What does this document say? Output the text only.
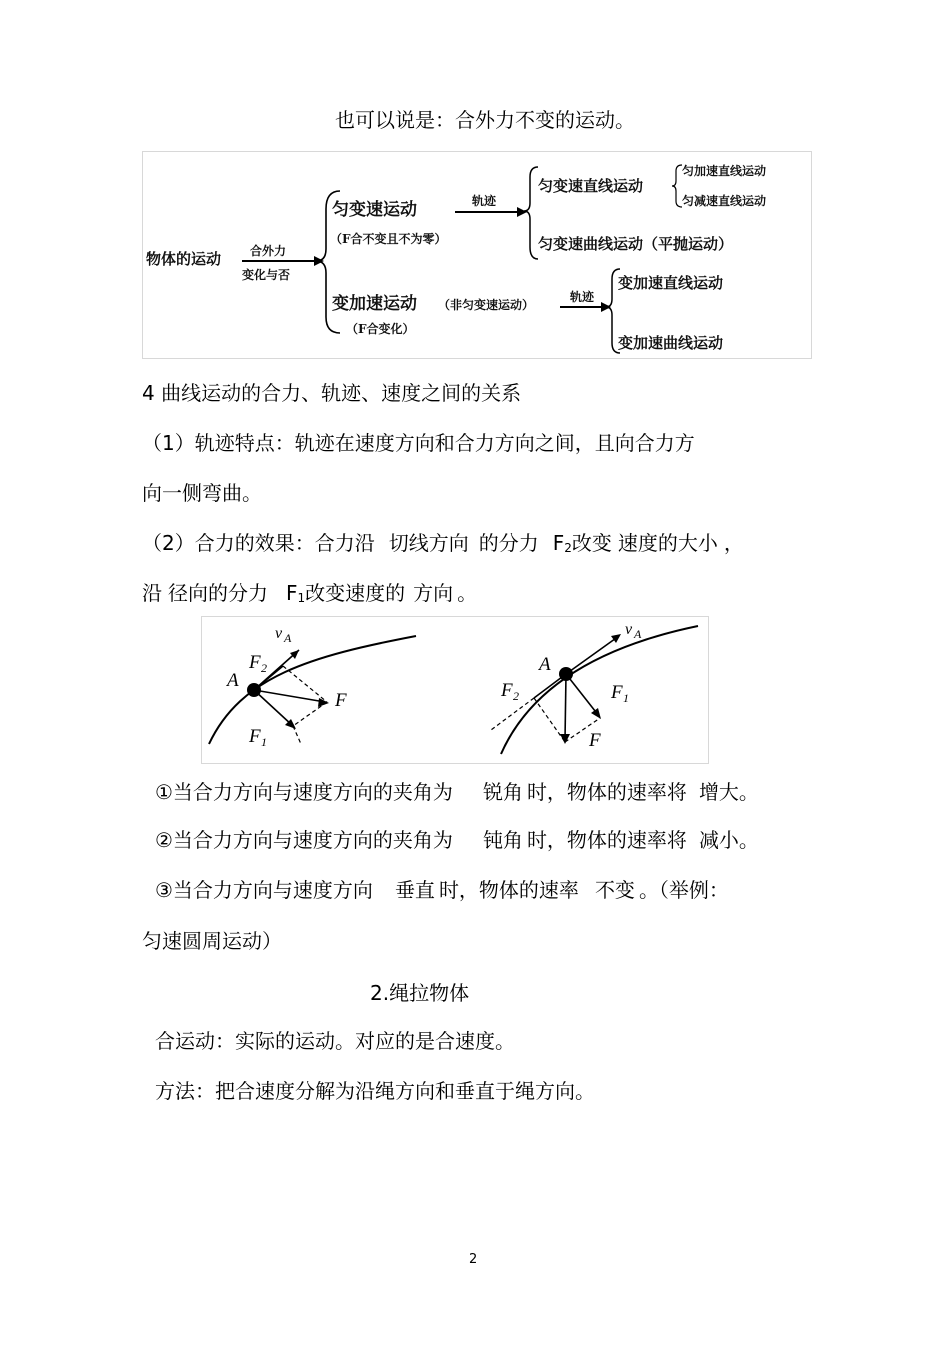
也可以说是：合外力不变的运动。
物体的运动 合外力
变化与否
匀变速运动
（F合不变且不为零）
轨迹
匀变速直线运动
匀加速直线运动
匀减速直线运动
匀变速曲线运动（平抛运动）
变加速运动 （非匀变速运动）
（F合变化）
轨迹
变加速直线运动
变加速曲线运动
4 曲线运动的合力、轨迹、速度之间的关系
（1）轨迹特点：轨迹在速度方向和合力方向之间，且向合力方
向一侧弯曲。
（2）合力的效果：合力沿 切线方向 的分力 $F_2$改变 速度的大小 ，
沿 径向的分力 $F_1$改变速度的 方向 。
v A
F 2
A
F
F 1
v A
A
F 2	F 1
F
①当合力方向与速度方向的夹角为 锐角 时，物体的速率将 增大。
②当合力方向与速度方向的夹角为 钝角 时，物体的速率将 减小。
③当合力方向与速度方向 垂直 时，物体的速率 不变 。（举例：
匀速圆周运动）
2.绳拉物体
合运动：实际的运动。对应的是合速度。
方法：把合速度分解为沿绳方向和垂直于绳方向。
2
